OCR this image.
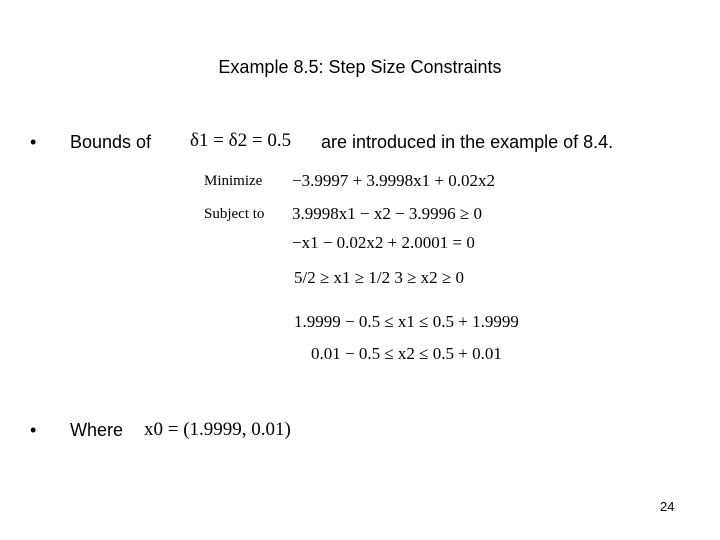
Example 8.5: Step Size Constraints
• Bounds of δ1 = δ2 = 0.5 are introduced in the example of 8.4.
Minimize −3.9997 + 3.9998x1 + 0.02x2
Subject to 3.9998x1 − x2 − 3.9996 ≥ 0
−x1 − 0.02x2 + 2.0001 = 0
5/2 ≥ x1 ≥ 1/2 3 ≥ x2 ≥ 0
1.9999 − 0.5 ≤ x1 ≤ 0.5 + 1.9999
0.01 − 0.5 ≤ x2 ≤ 0.5 + 0.01
• Where x0 = (1.9999, 0.01)
24
